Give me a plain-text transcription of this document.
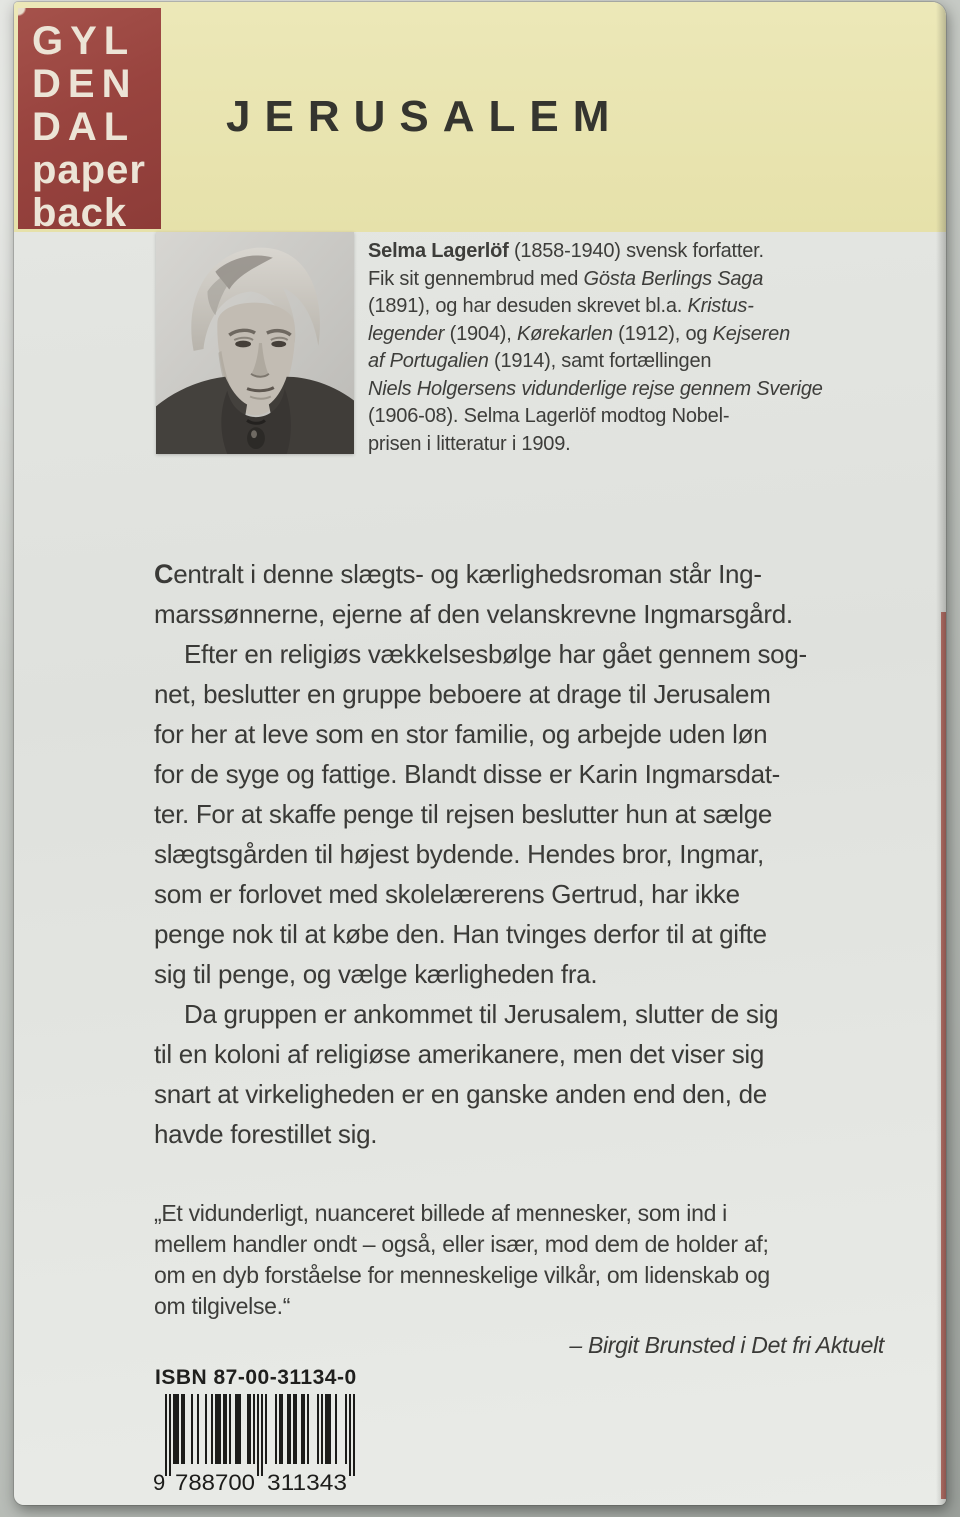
GYL
DEN
DAL
paper
back
JERUSALEM
Selma Lagerlöf (1858-1940) svensk forfatter.
Fik sit gennembrud med Gösta Berlings Saga
(1891), og har desuden skrevet bl.a. Kristus-
legender (1904), Kørekarlen (1912), og Kejseren
af Portugalien (1914), samt fortællingen
Niels Holgersens vidunderlige rejse gennem Sverige
(1906-08). Selma Lagerlöf modtog Nobel-
prisen i litteratur i 1909.
Centralt i denne slægts- og kærlighedsroman står Ing-
marssønnerne, ejerne af den velanskrevne Ingmarsgård.
Efter en religiøs vækkelsesbølge har gået gennem sog-
net, beslutter en gruppe beboere at drage til Jerusalem
for her at leve som en stor familie, og arbejde uden løn
for de syge og fattige. Blandt disse er Karin Ingmarsdat-
ter. For at skaffe penge til rejsen beslutter hun at sælge
slægtsgården til højest bydende. Hendes bror, Ingmar,
som er forlovet med skolelærerens Gertrud, har ikke
penge nok til at købe den. Han tvinges derfor til at gifte
sig til penge, og vælge kærligheden fra.
Da gruppen er ankommet til Jerusalem, slutter de sig
til en koloni af religiøse amerikanere, men det viser sig
snart at virkeligheden er en ganske anden end den, de
havde forestillet sig.
„Et vidunderligt, nuanceret billede af mennesker, som ind i
mellem handler ondt – også, eller især, mod dem de holder af;
om en dyb forståelse for menneskelige vilkår, om lidenskab og
om tilgivelse.“
– Birgit Brunsted i Det fri Aktuelt
ISBN 87-00-31134-0
9 788700 311343
